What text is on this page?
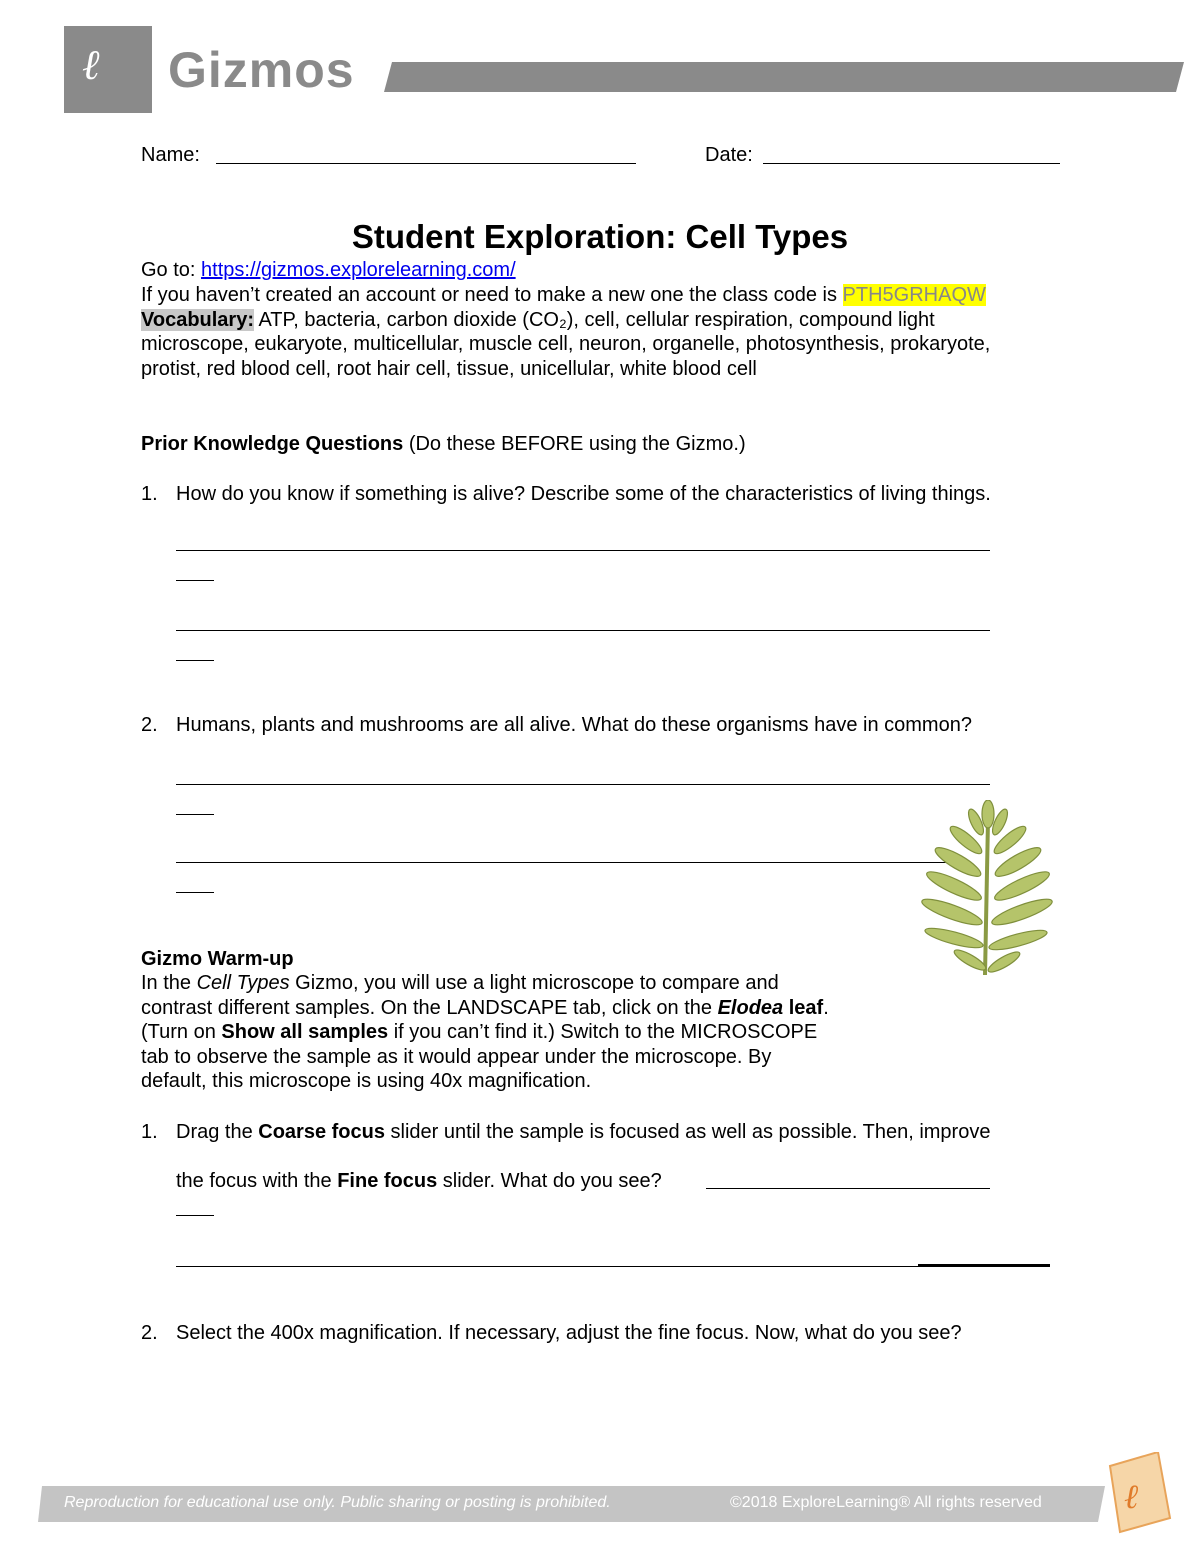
ℓ Gizmos
Name:	Date:
Student Exploration: Cell Types
Go to: https://gizmos.explorelearning.com/
If you haven’t created an account or need to make a new one the class code is PTH5GRHAQW
Vocabulary: ATP, bacteria, carbon dioxide (CO₂), cell, cellular respiration, compound light
microscope, eukaryote, multicellular, muscle cell, neuron, organelle, photosynthesis, prokaryote,
protist, red blood cell, root hair cell, tissue, unicellular, white blood cell
Prior Knowledge Questions (Do these BEFORE using the Gizmo.)
1. How do you know if something is alive? Describe some of the characteristics of living things.
2. Humans, plants and mushrooms are all alive. What do these organisms have in common?
Gizmo Warm-up
In the Cell Types Gizmo, you will use a light microscope to compare and
contrast different samples. On the LANDSCAPE tab, click on the Elodea leaf.
(Turn on Show all samples if you can’t find it.) Switch to the MICROSCOPE
tab to observe the sample as it would appear under the microscope. By
default, this microscope is using 40x magnification.
1. Drag the Coarse focus slider until the sample is focused as well as possible. Then, improve
the focus with the Fine focus slider. What do you see?
2. Select the 400x magnification. If necessary, adjust the fine focus. Now, what do you see?
Reproduction for educational use only. Public sharing or posting is prohibited.	©2018 ExploreLearning® All rights reserved ℓ
